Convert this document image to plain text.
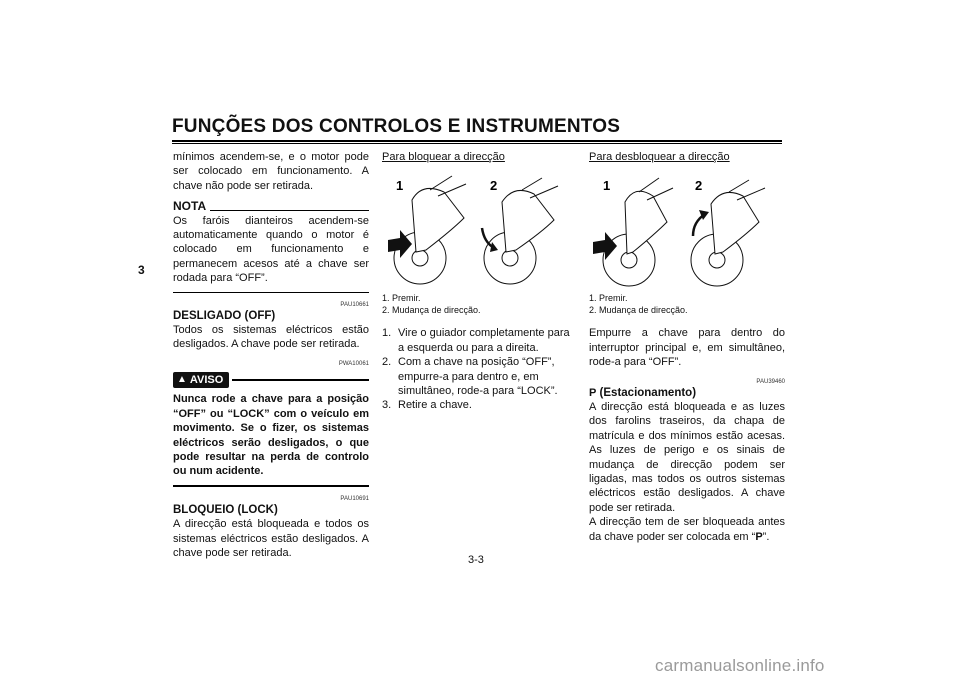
FUNÇÕES DOS CONTROLOS E INSTRUMENTOS
3

mínimos acendem-se, e o motor pode ser colocado em funcionamento. A chave não pode ser retirada.

NOTA

Os faróis dianteiros acendem-se automaticamente quando o motor é colocado em funcionamento e permanecem acesos até a chave ser rodada para “OFF”.

PAU10661

DESLIGADO (OFF)

Todos os sistemas eléctricos estão desligados. A chave pode ser retirada.

PWA10061
▲ AVISO

Nunca rode a chave para a posição “OFF” ou “LOCK” com o veículo em movimento. Se o fizer, os sistemas eléctricos serão desligados, o que pode resultar na perda de controlo ou num acidente.

PAU10691

BLOQUEIO (LOCK)

A direcção está bloqueada e todos os sistemas eléctricos estão desligados. A chave pode ser retirada.

Para bloquear a direcção

1	2

1. Premir.

2. Mudança de direcção.

1. Vire o guiador completamente para a esquerda ou para a direita.
2. Com a chave na posição “OFF”, empurre-a para dentro e, em simultâneo, rode-a para “LOCK”.
3. Retire a chave.

Para desbloquear a direcção

1	2

1. Premir.

2. Mudança de direcção.

Empurre a chave para dentro do interruptor principal e, em simultâneo, rode-a para “OFF”.

PAU39460

P (Estacionamento)

A direcção está bloqueada e as luzes dos farolins traseiros, da chapa de matrícula e dos mínimos estão acesas. As luzes de perigo e os sinais de mudança de direcção podem ser ligadas, mas todos os outros sistemas eléctricos estão desligados. A chave pode ser retirada.

A direcção tem de ser bloqueada antes da chave poder ser colocada em “P”.

3-3
carmanualsonline.info
